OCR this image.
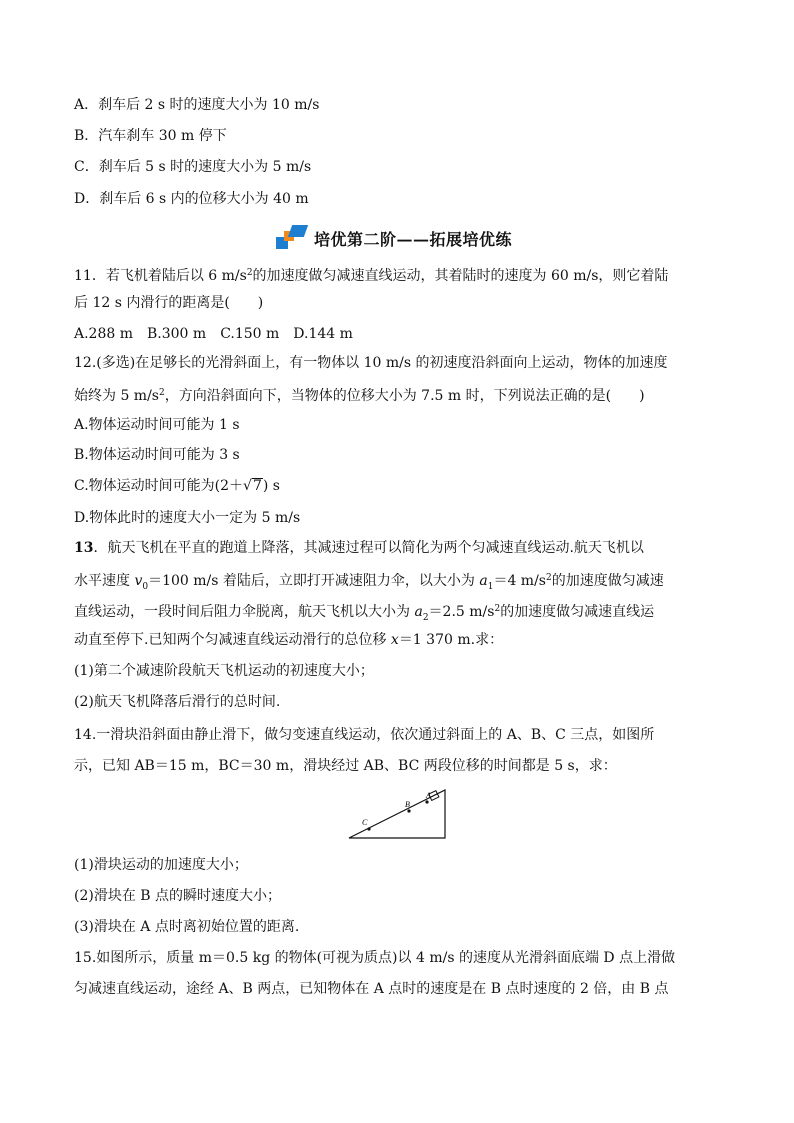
A．刹车后 2 s 时的速度大小为 10 m/s
B．汽车刹车 30 m 停下
C．刹车后 5 s 时的速度大小为 5 m/s
D．刹车后 6 s 内的位移大小为 40 m
培优第二阶——拓展培优练
11．若飞机着陆后以 6 $m/s^2$的加速度做匀减速直线运动，其着陆时的速度为 60 m/s，则它着陆
后 12 s 内滑行的距离是(　　)
A.288 m　B.300 m　C.150 m　D.144 m
12.(多选)在足够长的光滑斜面上，有一物体以 10 m/s 的初速度沿斜面向上运动，物体的加速度
始终为 5 $m/s^2$，方向沿斜面向下，当物体的位移大小为 7.5 m 时，下列说法正确的是(　　)
A.物体运动时间可能为 1 s
B.物体运动时间可能为 3 s
C.物体运动时间可能为(2＋√7) s
D.物体此时的速度大小一定为 5 m/s
13．航天飞机在平直的跑道上降落，其减速过程可以简化为两个匀减速直线运动.航天飞机以
水平速度 $v_0=100$ m/s 着陆后，立即打开减速阻力伞，以大小为 $a_1=4$ $m/s^2$的加速度做匀减速
直线运动，一段时间后阻力伞脱离，航天飞机以大小为 $a_2=2.5$ $m/s^2$的加速度做匀减速直线运
动直至停下.已知两个匀减速直线运动滑行的总位移 x＝1 370 m.求：
(1)第二个减速阶段航天飞机运动的初速度大小；
(2)航天飞机降落后滑行的总时间.
14.一滑块沿斜面由静止滑下，做匀变速直线运动，依次通过斜面上的 A、B、C 三点，如图所
示，已知 AB＝15 m，BC＝30 m，滑块经过 AB、BC 两段位移的时间都是 5 s，求：
A
B
C
(1)滑块运动的加速度大小；
(2)滑块在 B 点的瞬时速度大小；
(3)滑块在 A 点时离初始位置的距离.
15.如图所示，质量 m＝0.5 kg 的物体(可视为质点)以 4 m/s 的速度从光滑斜面底端 D 点上滑做
匀减速直线运动，途经 A、B 两点，已知物体在 A 点时的速度是在 B 点时速度的 2 倍，由 B 点
